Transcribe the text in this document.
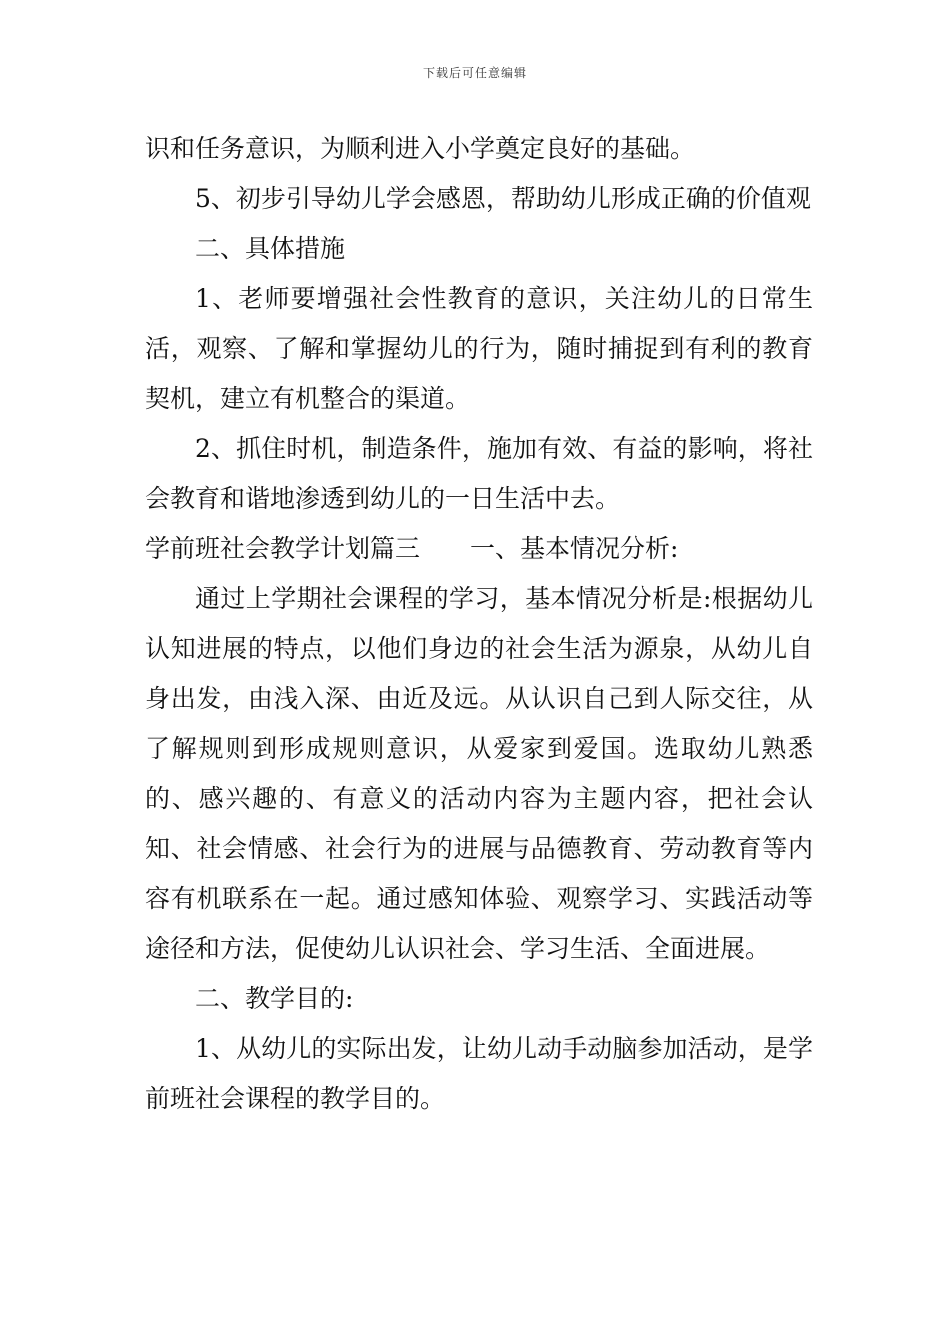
下载后可任意编辑

识和任务意识，为顺利进入小学奠定良好的基础。

5、初步引导幼儿学会感恩，帮助幼儿形成正确的价值观

二、具体措施

1、老师要增强社会性教育的意识，关注幼儿的日常生活，观察、了解和掌握幼儿的行为，随时捕捉到有利的教育契机，建立有机整合的渠道。

2、抓住时机，制造条件，施加有效、有益的影响，将社会教育和谐地渗透到幼儿的一日生活中去。

学前班社会教学计划篇三 一、基本情况分析:

通过上学期社会课程的学习，基本情况分析是:根据幼儿认知进展的特点，以他们身边的社会生活为源泉，从幼儿自身出发，由浅入深、由近及远。从认识自己到人际交往，从了解规则到形成规则意识，从爱家到爱国。选取幼儿熟悉的、感兴趣的、有意义的活动内容为主题内容，把社会认知、社会情感、社会行为的进展与品德教育、劳动教育等内容有机联系在一起。通过感知体验、观察学习、实践活动等途径和方法，促使幼儿认识社会、学习生活、全面进展。

二、教学目的:

1、从幼儿的实际出发，让幼儿动手动脑参加活动，是学前班社会课程的教学目的。
